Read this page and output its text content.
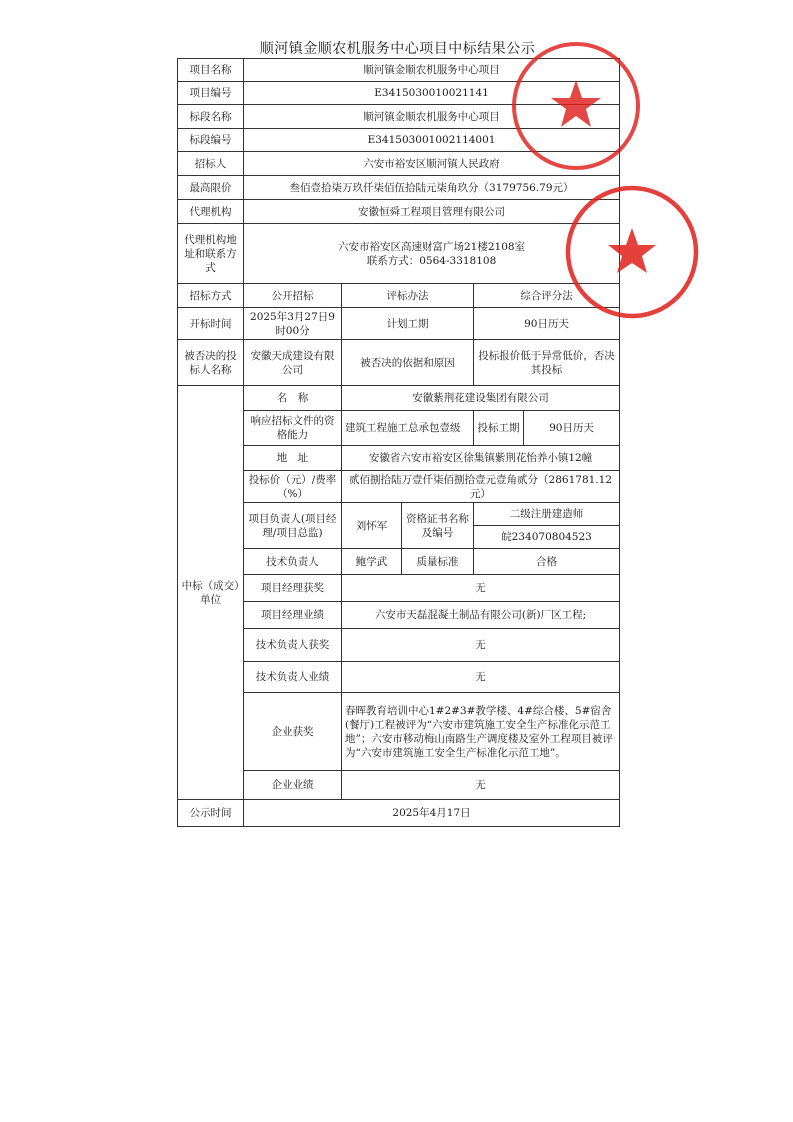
顺河镇金顺农机服务中心项目中标结果公示
项目名称	顺河镇金顺农机服务中心项目				
项目编号	E3415030010021141				
标段名称	顺河镇金顺农机服务中心项目				
标段编号	E341503001002114001				
招标人	六安市裕安区顺河镇人民政府				
最高限价	叁佰壹拾柒万玖仟柒佰伍拾陆元柒角玖分（3179756.79元）				
代理机构	安徽恒舜工程项目管理有限公司				
代理机构地址和联系方式	六安市裕安区高速财富广场21楼2108室
联系方式：0564-3318108				

招标方式	公开招标	评标办法		综合评分法	
开标时间	2025年3月27日9时00分	计划工期		90日历天	
被否决的投标人名称	安徽天成建设有限公司	被否决的依据和原因		投标报价低于异常低价，否决其投标	
中标（成交）单位	名　称	安徽紫荆花建设集团有限公司			
	响应招标文件的资格能力	建筑工程施工总承包壹级		投标工期	90日历天
	地　址	安徽省六安市裕安区徐集镇紫荆花怡养小镇12幢			
	投标价（元）/费率（%）	贰佰捌拾陆万壹仟柒佰捌拾壹元壹角贰分（2861781.12元）			
	项目负责人(项目经理/项目总监)	刘怀军	资格证书名称及编号	二级注册建造师	
				皖234070804523	
	技术负责人	鲍学武	质量标准	合格	
	项目经理获奖	无			
	项目经理业绩	六安市天磊混凝土制品有限公司(新)厂区工程;			
	技术负责人获奖	无			
	技术负责人业绩	无			
	企业获奖	春晖教育培训中心1#2#3#教学楼、4#综合楼、5#宿舍(餐厅)工程被评为“六安市建筑施工安全生产标准化示范工地”；六安市移动梅山南路生产调度楼及室外工程项目被评为“六安市建筑施工安全生产标准化示范工地”。			
	企业业绩	无			
公示时间	2025年4月17日				
